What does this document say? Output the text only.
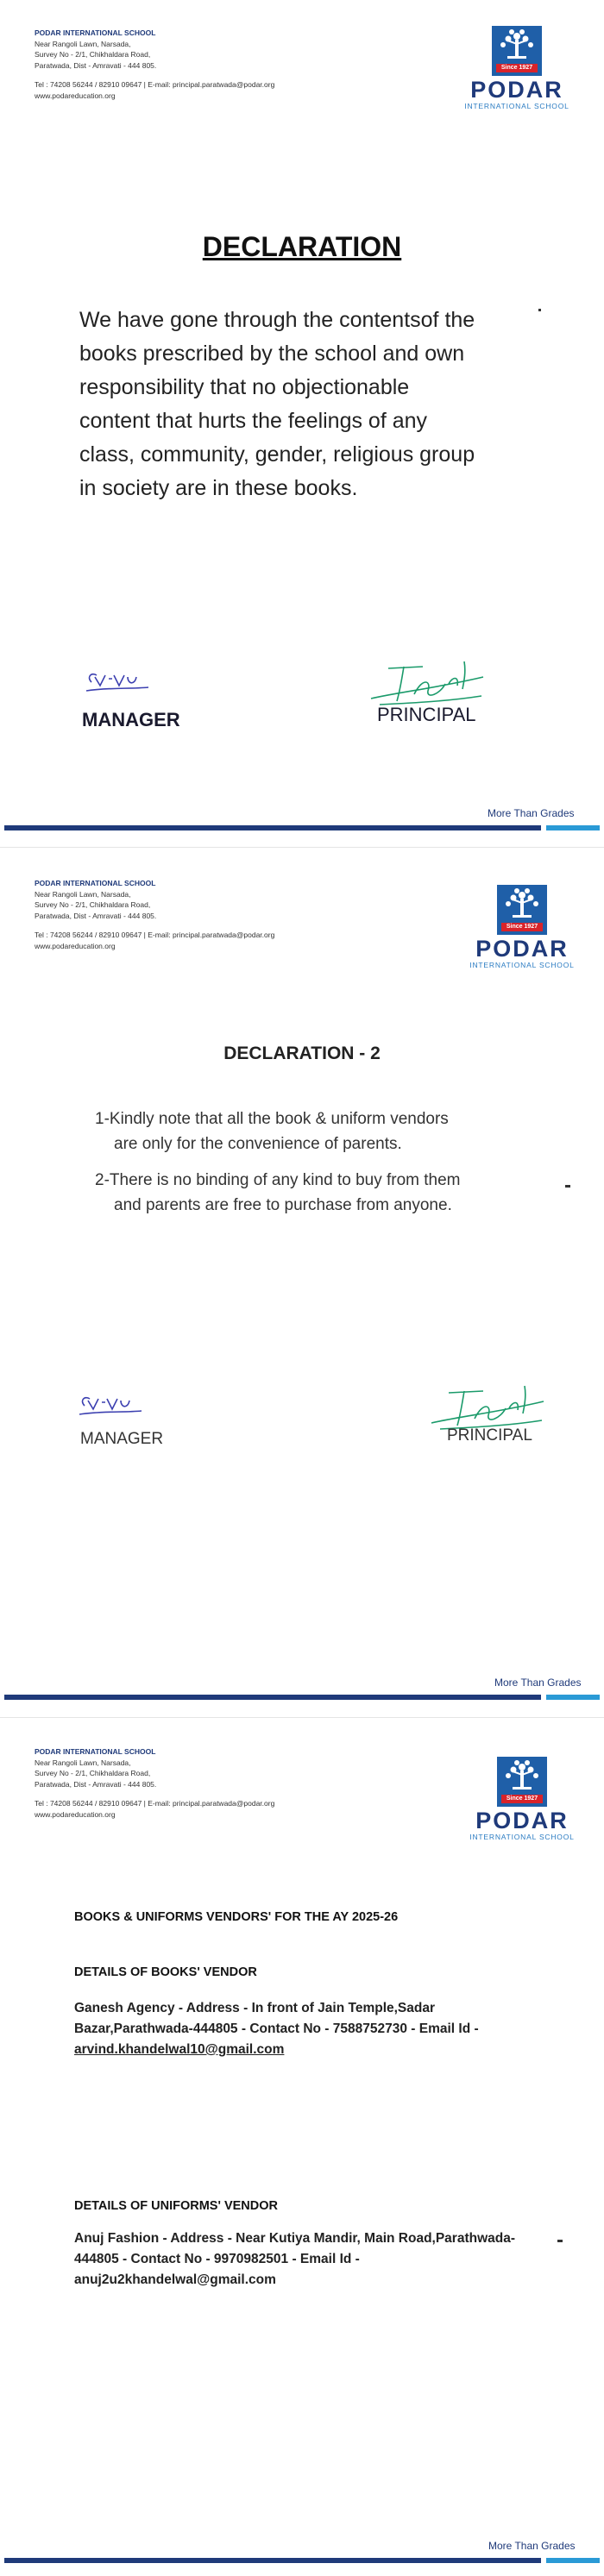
PODAR INTERNATIONAL SCHOOL
Near Rangoli Lawn, Narsada,
Survey No - 2/1, Chikhaldara Road,
Paratwada, Dist - Amravati - 444 805.
Tel : 74208 56244 / 82910 09647 | E-mail: principal.paratwada@podar.org
www.podareducation.org
Since 1927
PODAR
INTERNATIONAL SCHOOL
DECLARATION
We have gone through the contentsof the
books prescribed by the school and own
responsibility that no objectionable
content that hurts the feelings of any
class, community, gender, religious group
in society are in these books.
MANAGER	PRINCIPAL
More Than Grades
PODAR INTERNATIONAL SCHOOL
Near Rangoli Lawn, Narsada,
Survey No - 2/1, Chikhaldara Road,
Paratwada, Dist - Amravati - 444 805.
Tel : 74208 56244 / 82910 09647 | E-mail: principal.paratwada@podar.org
www.podareducation.org
Since 1927
PODAR
INTERNATIONAL SCHOOL
DECLARATION - 2
1-Kindly note that all the book & uniform vendors
are only for the convenience of parents.
2-There is no binding of any kind to buy from them
and parents are free to purchase from anyone.
MANAGER	PRINCIPAL
More Than Grades
PODAR INTERNATIONAL SCHOOL
Near Rangoli Lawn, Narsada,
Survey No - 2/1, Chikhaldara Road,
Paratwada, Dist - Amravati - 444 805.
Tel : 74208 56244 / 82910 09647 | E-mail: principal.paratwada@podar.org
www.podareducation.org
Since 1927
PODAR
INTERNATIONAL SCHOOL
BOOKS & UNIFORMS VENDORS' FOR THE AY 2025-26
DETAILS OF BOOKS' VENDOR
Ganesh Agency - Address - In front of Jain Temple,Sadar
Bazar,Parathwada-444805 - Contact No - 7588752730 - Email Id -
arvind.khandelwal10@gmail.com
DETAILS OF UNIFORMS' VENDOR
Anuj Fashion - Address - Near Kutiya Mandir, Main Road,Parathwada-
444805 - Contact No - 9970982501 - Email Id -
anuj2u2khandelwal@gmail.com
More Than Grades
